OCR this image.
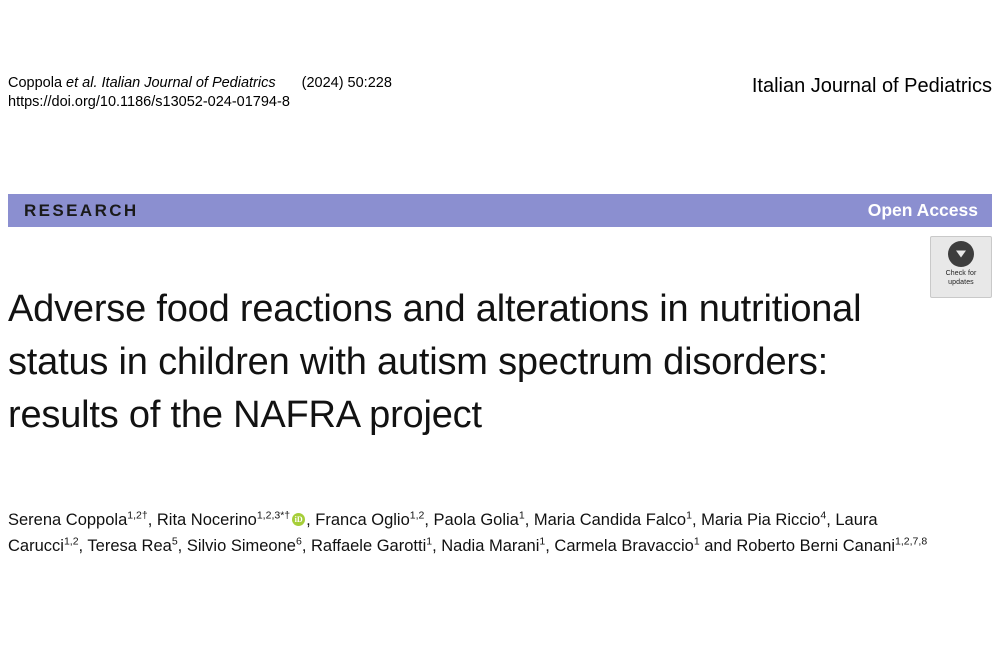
Coppola et al. Italian Journal of Pediatrics (2024) 50:228
https://doi.org/10.1186/s13052-024-01794-8
Italian Journal of Pediatrics
RESEARCH	Open Access
Check for
updates
Adverse food reactions and alterations in nutritional status in children with autism spectrum disorders: results of the NAFRA project
Serena Coppola$^{1,2\dagger}$, Rita Nocerino$^{1,2,3*\dagger}$ iD , Franca Oglio$^{1,2}$, Paola Golia$^1$, Maria Candida Falco$^1$, Maria Pia Riccio$^4$, Laura Carucci$^{1,2}$, Teresa Rea$^5$, Silvio Simeone$^6$, Raffaele Garotti$^1$, Nadia Marani$^1$, Carmela Bravaccio$^1$ and Roberto Berni Canani$^{1,2,7,8}$
